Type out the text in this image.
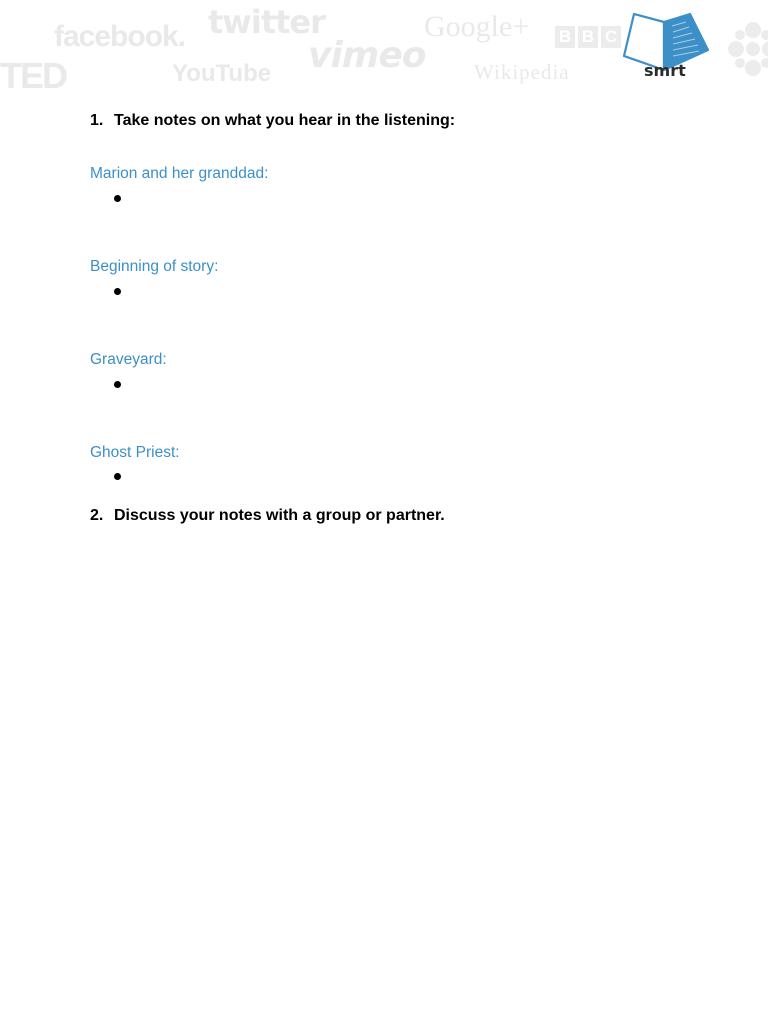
TED
facebook. twitter
YouTube vimeo
Google+
Wikipedia
B B C
smrt
1. Take notes on what you hear in the listening:
Marion and her granddad:
Beginning of story:
Graveyard:
Ghost Priest:
2. Discuss your notes with a group or partner.
